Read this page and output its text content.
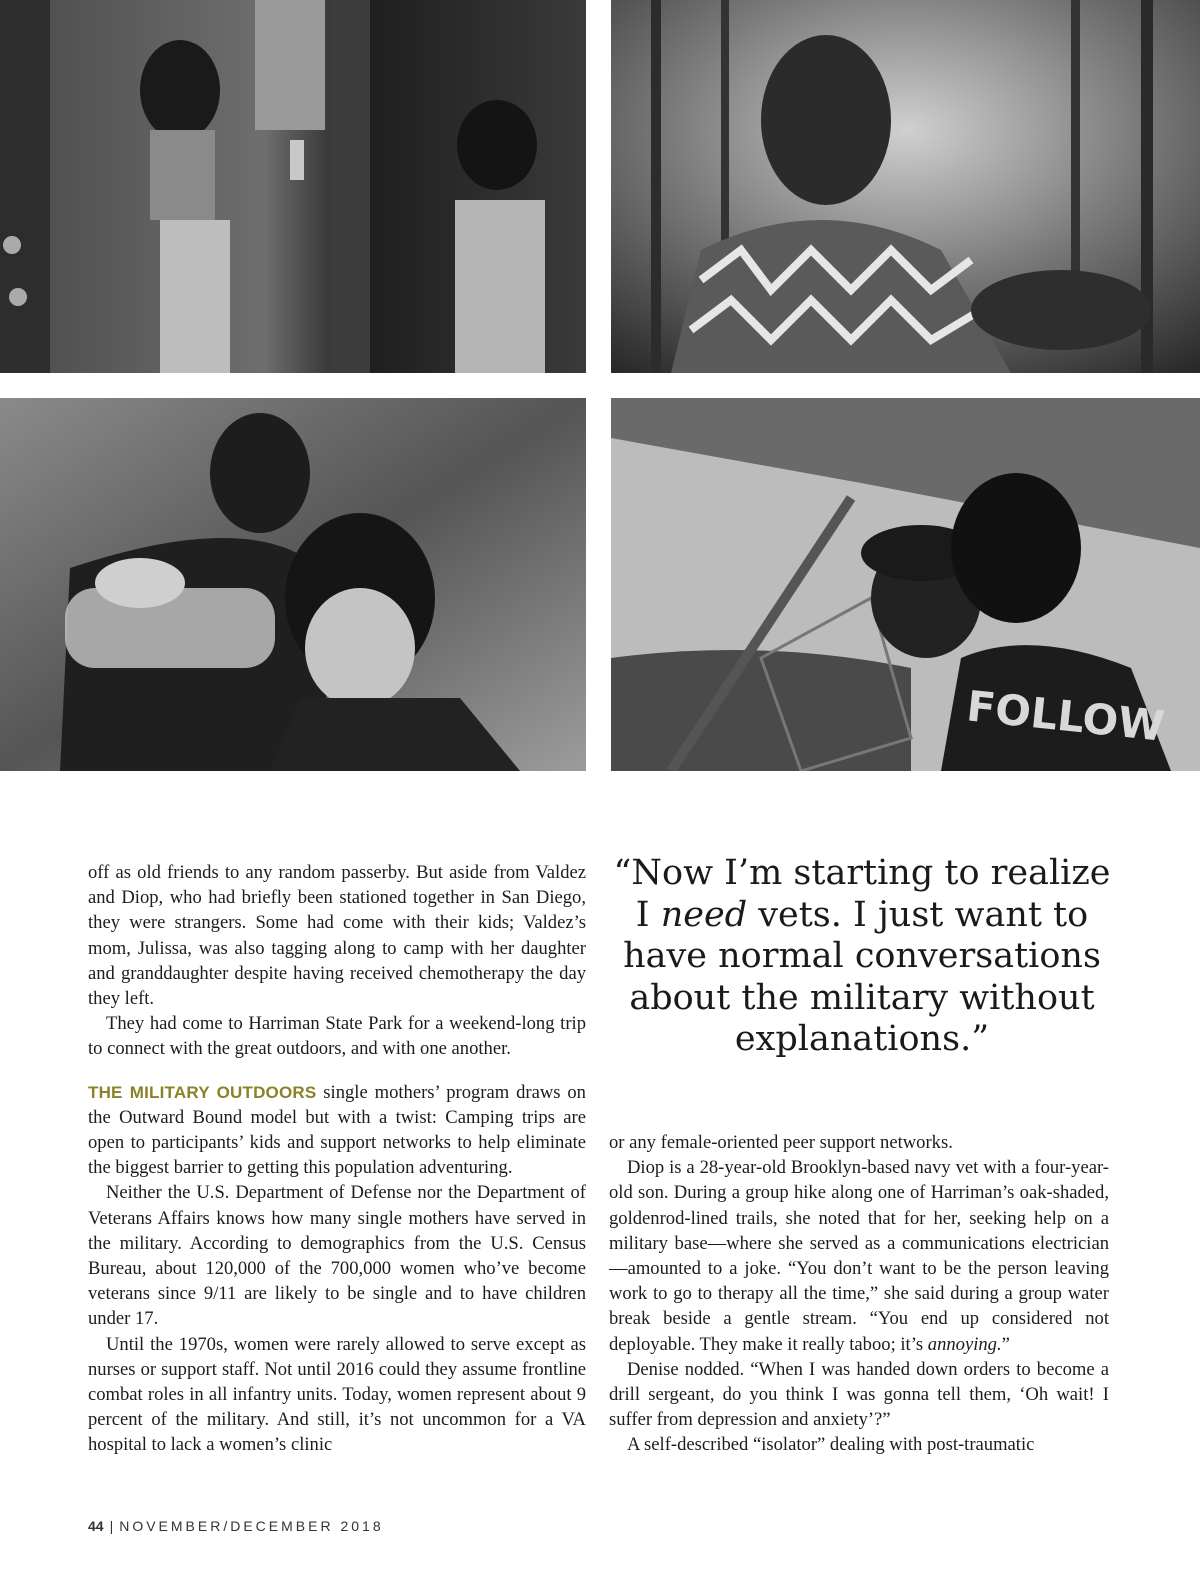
FOLLOW

off as old friends to any random passerby. But aside from Valdez and Diop, who had briefly been stationed together in San Diego, they were strangers. Some had come with their kids; Valdez’s mom, Julissa, was also tagging along to camp with her daughter and granddaughter despite having received chemotherapy the day they left.

They had come to Harriman State Park for a weekend-long trip to connect with the great outdoors, and with one another.

THE MILITARY OUTDOORS single mothers’ program draws on the Outward Bound model but with a twist: Camping trips are open to participants’ kids and support networks to help eliminate the biggest barrier to getting this population adventuring.

Neither the U.S. Department of Defense nor the Department of Veterans Affairs knows how many single mothers have served in the military. According to demographics from the U.S. Census Bureau, about 120,000 of the 700,000 women who’ve become veterans since 9/11 are likely to be single and to have children under 17.

Until the 1970s, women were rarely allowed to serve except as nurses or support staff. Not until 2016 could they assume frontline combat roles in all infantry units. Today, women represent about 9 percent of the military. And still, it’s not uncommon for a VA hospital to lack a women’s clinic

“Now I’m starting to realize I need vets. I just want to have normal conversations about the military without explanations.”

or any female-oriented peer support networks.

Diop is a 28-year-old Brooklyn-based navy vet with a four-year-old son. During a group hike along one of Harriman’s oak-shaded, goldenrod-lined trails, she noted that for her, seeking help on a military base—where she served as a communications electrician—amounted to a joke. “You don’t want to be the person leaving work to go to therapy all the time,” she said during a group water break beside a gentle stream. “You end up considered not deployable. They make it really taboo; it’s annoying.”

Denise nodded. “When I was handed down orders to become a drill sergeant, do you think I was gonna tell them, ‘Oh wait! I suffer from depression and anxiety’?”

A self-described “isolator” dealing with post-traumatic

44 | NOVEMBER/DECEMBER 2018
